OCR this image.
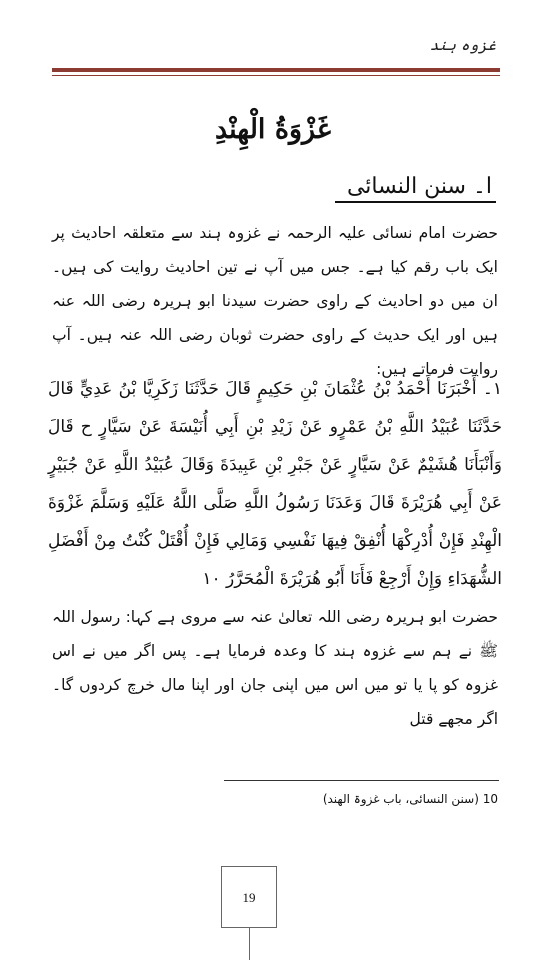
غزوہ ہند
غَزْوَةُ الْهِنْدِ
ا۔ سنن النسائی
حضرت امام نسائی علیہ الرحمہ نے غزوہ ہند سے متعلقہ احادیث پر ایک باب رقم کیا ہے۔ جس میں آپ نے تین احادیث روایت کی ہیں۔ ان میں دو احادیث کے راوی حضرت سیدنا ابو ہریرہ رضی اللہ عنہ ہیں اور ایک حدیث کے راوی حضرت ثوبان رضی اللہ عنہ ہیں۔ آپ روایت فرماتے ہیں:
۱۔ أَخْبَرَنَا أَحْمَدُ بْنُ عُثْمَانَ بْنِ حَكِيمٍ قَالَ حَدَّثَنَا زَكَرِيَّا بْنُ عَدِيٍّ قَالَ حَدَّثَنَا عُبَيْدُ اللَّهِ بْنُ عَمْرٍو عَنْ زَيْدِ بْنِ أَبِي أُنَيْسَةَ عَنْ سَيَّارٍ ح قَالَ وَأَنْبَأَنَا هُشَيْمٌ عَنْ سَيَّارٍ عَنْ جَبْرِ بْنِ عَبِيدَةَ وَقَالَ عُبَيْدُ اللَّهِ عَنْ جُبَيْرٍ عَنْ أَبِي هُرَيْرَةَ قَالَ وَعَدَنَا رَسُولُ اللَّهِ صَلَّى اللَّهُ عَلَيْهِ وَسَلَّمَ غَزْوَةَ الْهِنْدِ فَإِنْ أُدْرِكْهَا أُنْفِقْ فِيهَا نَفْسِي وَمَالِي فَإِنْ أُقْتَلْ كُنْتُ مِنْ أَفْضَلِ الشُّهَدَاءِ وَإِنْ أَرْجِعْ فَأَنَا أَبُو هُرَيْرَةَ الْمُحَرَّرُ ۱۰
حضرت ابو ہریرہ رضی اللہ تعالیٰ عنہ سے مروی ہے کہا: رسول اللہ ﷺ نے ہم سے غزوہ ہند کا وعدہ فرمایا ہے۔ پس اگر میں نے اس غزوہ کو پا یا تو میں اس میں اپنی جان اور اپنا مال خرچ کردوں گا۔ اگر مجھے قتل
10 (سنن النسائی، باب غزوۃ الھند)
19
